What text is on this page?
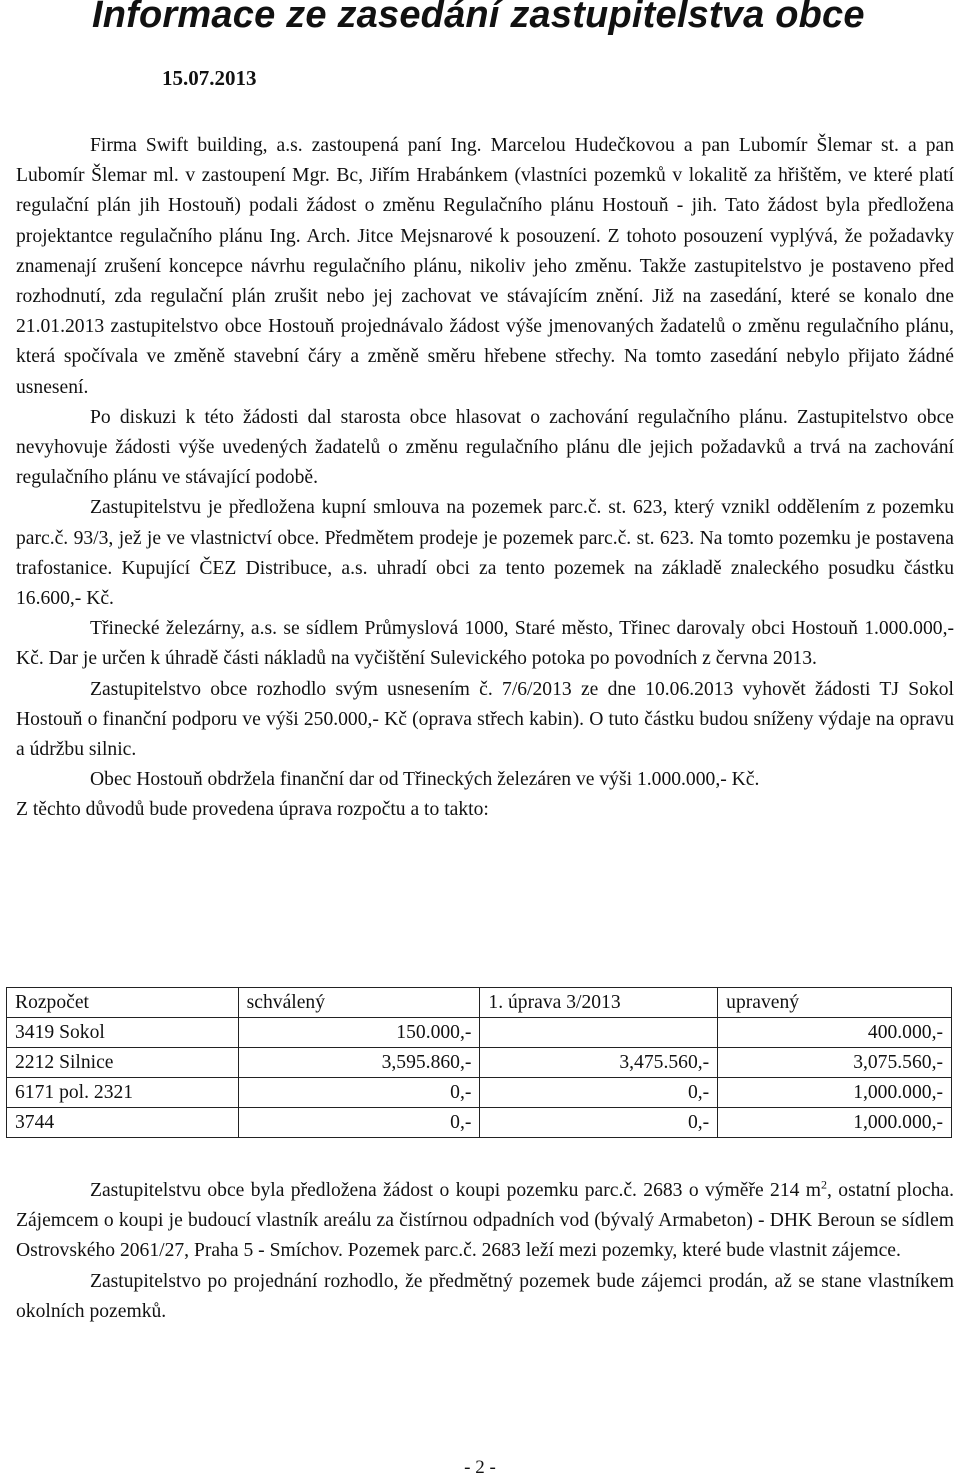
Informace ze zasedání zastupitelstva obce
15.07.2013

Firma Swift building, a.s. zastoupená paní Ing. Marcelou Hudečkovou a pan Lubomír Šlemar st. a pan Lubomír Šlemar ml. v zastoupení Mgr. Bc, Jiřím Hrabánkem (vlastníci pozemků v lokalitě za hřištěm, ve které platí regulační plán jih Hostouň) podali žádost o změnu Regulačního plánu Hostouň - jih. Tato žádost byla předložena projektantce regulačního plánu Ing. Arch. Jitce Mejsnarové k posouzení. Z tohoto posouzení vyplývá, že požadavky znamenají zrušení koncepce návrhu regulačního plánu, nikoliv jeho změnu. Takže zastupitelstvo je postaveno před rozhodnutí, zda regulační plán zrušit nebo jej zachovat ve stávajícím znění. Již na zasedání, které se konalo dne 21.01.2013 zastupitelstvo obce Hostouň projednávalo žádost výše jmenovaných žadatelů o změnu regulačního plánu, která spočívala ve změně stavební čáry a změně směru hřebene střechy. Na tomto zasedání nebylo přijato žádné usnesení.

Po diskuzi k této žádosti dal starosta obce hlasovat o zachování regulačního plánu. Zastupitelstvo obce nevyhovuje žádosti výše uvedených žadatelů o změnu regulačního plánu dle jejich požadavků a trvá na zachování regulačního plánu ve stávající podobě.

Zastupitelstvu je předložena kupní smlouva na pozemek parc.č. st. 623, který vznikl oddělením z pozemku parc.č. 93/3, jež je ve vlastnictví obce. Předmětem prodeje je pozemek parc.č. st. 623. Na tomto pozemku je postavena trafostanice. Kupující ČEZ Distribuce, a.s. uhradí obci za tento pozemek na základě znaleckého posudku částku 16.600,- Kč.

Třinecké železárny, a.s. se sídlem Průmyslová 1000, Staré město, Třinec darovaly obci Hostouň 1.000.000,- Kč. Dar je určen k úhradě části nákladů na vyčištění Sulevického potoka po povodních z června 2013.

Zastupitelstvo obce rozhodlo svým usnesením č. 7/6/2013 ze dne 10.06.2013 vyhovět žádosti TJ Sokol Hostouň o finanční podporu ve výši 250.000,- Kč (oprava střech kabin). O tuto částku budou sníženy výdaje na opravu a údržbu silnic.

Obec Hostouň obdržela finanční dar od Třineckých železáren ve výši 1.000.000,- Kč.

Z těchto důvodů bude provedena úprava rozpočtu a to takto:

Rozpočet	schválený	1. úprava 3/2013	upravený
3419 Sokol	150.000,-		400.000,-
2212 Silnice	3,595.860,-	3,475.560,-	3,075.560,-
6171 pol. 2321	0,-	0,-	1,000.000,-
3744	0,-	0,-	1,000.000,-

Zastupitelstvu obce byla předložena žádost o koupi pozemku parc.č. 2683 o výměře 214 $m^2$, ostatní plocha. Zájemcem o koupi je budoucí vlastník areálu za čistírnou odpadních vod (bývalý Armabeton) - DHK Beroun se sídlem Ostrovského 2061/27, Praha 5 - Smíchov. Pozemek parc.č. 2683 leží mezi pozemky, které bude vlastnit zájemce.

Zastupitelstvo po projednání rozhodlo, že předmětný pozemek bude zájemci prodán, až se stane vlastníkem okolních pozemků.

- 2 -
